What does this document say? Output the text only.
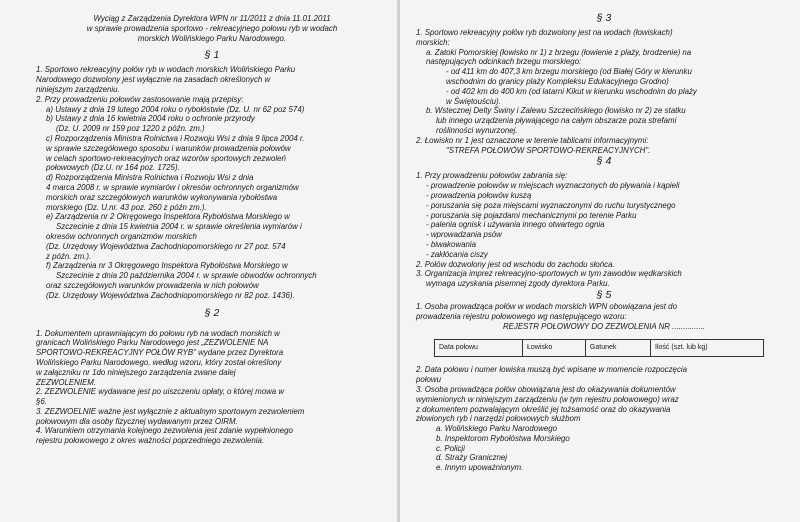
Wyciąg z Zarządzenia Dyrektora WPN nr 11/2011 z dnia 11.01.2011

w sprawie prowadzenia sportowo - rekreacyjnego połowu ryb w wodach

morskich Wolińskiego Parku Narodowego.

§ 1

1. Sportowo rekreacyjny połów ryb w wodach morskich Wolińskiego Parku

Narodowego dozwolony jest wyłącznie na zasadach określonych w

niniejszym zarządzeniu.

2. Przy prowadzeniu połowów zastosowanie mają przepisy:

a) Ustawy z dnia 19 lutego 2004 roku o rybołóstwie (Dz. U. nr 62 poz 574)

b) Ustawy z dnia 16 kwietnia 2004 roku o ochronie przyrody

(Dz. U. 2009 nr 159 poz 1220 z późn. zm.)

c) Rozporządzenia Ministra Rolnictwa i Rozwoju Wsi z dnia 9 lipca 2004 r.

w sprawie szczegółowego sposobu i warunków prowadzenia połowów

w celach sportowo-rekreacyjnych oraz wzorów sportowych zezwoleń

połowowych (Dz.U. nr 164 poz. 1725).

d) Rozporządzenia Ministra Rolnictwa i Rozwoju Wsi z dnia

4 marca 2008 r. w sprawie wymiarów i okresów ochronnych organizmów

morskich oraz szczegółowych warunków wykonywania rybołóstwa

morskiego (Dz. U.nr. 43 poz. 260 z późn zm.).

e) Zarządzenia nr 2 Okręgowego Inspektora Rybołóstwa Morskiego w

Szczecinie z dnia 15 kwietnia 2004 r. w sprawie określenia wymiarów i

okresów ochronnych organizmów morskich

(Dz. Urzędowy Województwa Zachodniopomorskiego nr 27 poz. 574

z późn. zm.).

f) Zarządzenia nr 3 Okręgowego Inspektora Rybołóstwa Morskiego w

Szczecinie z dnia 20 października 2004 r. w sprawie obwodów ochronnych

oraz szczegółowych warunków prowadzenia w nich połowów

(Dz. Urzędowy Województwa Zachodniopomorskiego nr 82 poz. 1436).

§ 2

1. Dokumentem uprawniającym do połowu ryb na wodach morskich w

granicach Wolińskiego Parku Narodowego jest „ZEZWOLENIE NA

SPORTOWO-REKREACYJNY POŁÓW RYB" wydane przez Dyrektora

Wolińskiego Parku Narodowego, według wzoru, który został określony

w załączniku nr 1do niniejszego zarządzenia zwane dalej

ZEZWOLENIEM.

2. ZEZWOLENIE wydawane jest po uiszczeniu opłaty, o której mowa w

§6.

3. ZEZWOELNIE ważne jest wyłącznie z aktualnym sportowym zezwoleniem

połowowym dla osoby fizycznej wydawanym przez OIRM.

4. Warunkiem otrzymania kolejnego zezwolenia jest zdanie wypełnionego

rejestru połowowego z okres ważności poprzedniego zezwolenia.

§ 3

1. Sportowo rekreacyjny połów ryb dozwolony jest na wodach (łowiskach)

morskich:

a. Zatoki Pomorskiej (łowisko nr 1) z brzegu (łowienie z plaży, brodzenie) na

następujących odcinkach brzegu morskiego:

- od 411 km do 407,3 km brzegu morskiego (od Białej Góry w kierunku

wschodnim do granicy plaży Kompleksu Edukacyjnego Grodno)

- od 402 km do 400 km (od latarni Kikut w kierunku wschodnim do plaży

w Świętouściu).

b. Wstecznej Delty Świny i Zalewu Szczecińskiego (łowisko nr 2) ze statku

lub innego urządzenia pływającego na całym obszarze poza strefami

roślinności wynurzonej.

2. Łowisko nr 1 jest oznaczone w terenie tablicami informacyjnymi:

"STREFA POŁOWÓW SPORTOWO-REKREACYJNYCH".

§ 4

1. Przy prowadzeniu połowów zabrania się:

- prowadzenie połowów w miejscach wyznaczonych do pływania i kąpieli

- prowadzenia połowów kuszą

- poruszania się poza miejscami wyznaczonymi do ruchu turystycznego

- poruszania się pojazdami mechanicznymi po terenie Parku

- palenia ognisk i używania innego otwartego ognia

- wprowadzania psów

- biwakowania

- zakłócania ciszy

2. Połów dozwolony jest od wschodu do zachodu słońca.

3. Organizacja imprez rekreacyjno-sportowych w tym zawodów wędkarskich

wymaga uzyskania pisemnej zgody dyrektora Parku.

§ 5

1. Osoba prowadząca połów w wodach morskich WPN obowiązana jest do

prowadzenia rejestru połowowego wg następującego wzoru:

REJESTR POŁOWOWY DO ZEZWOLENIA NR ...............

Data połowu	Łowisko	Gatunek	Ilość (szt. lub kg)

2. Data połowu i numer łowiska muszą być wpisane w momencie rozpoczęcia

połowu

3. Osoba prowadząca połów obowiązana jest do okazywania dokumentów

wymienionych w niniejszym zarządzeniu (w tym rejestru połowowego) wraz

z dokumentem pozwalającym określić jej tożsamość oraz do okazywania

złowionych ryb i narzędzi połowowych służbom

a. Wolińskiego Parku Narodowego

b. Inspektorom Rybołóstwa Morskiego

c. Policji

d. Straży Granicznej

e. Innym upoważnionym.
